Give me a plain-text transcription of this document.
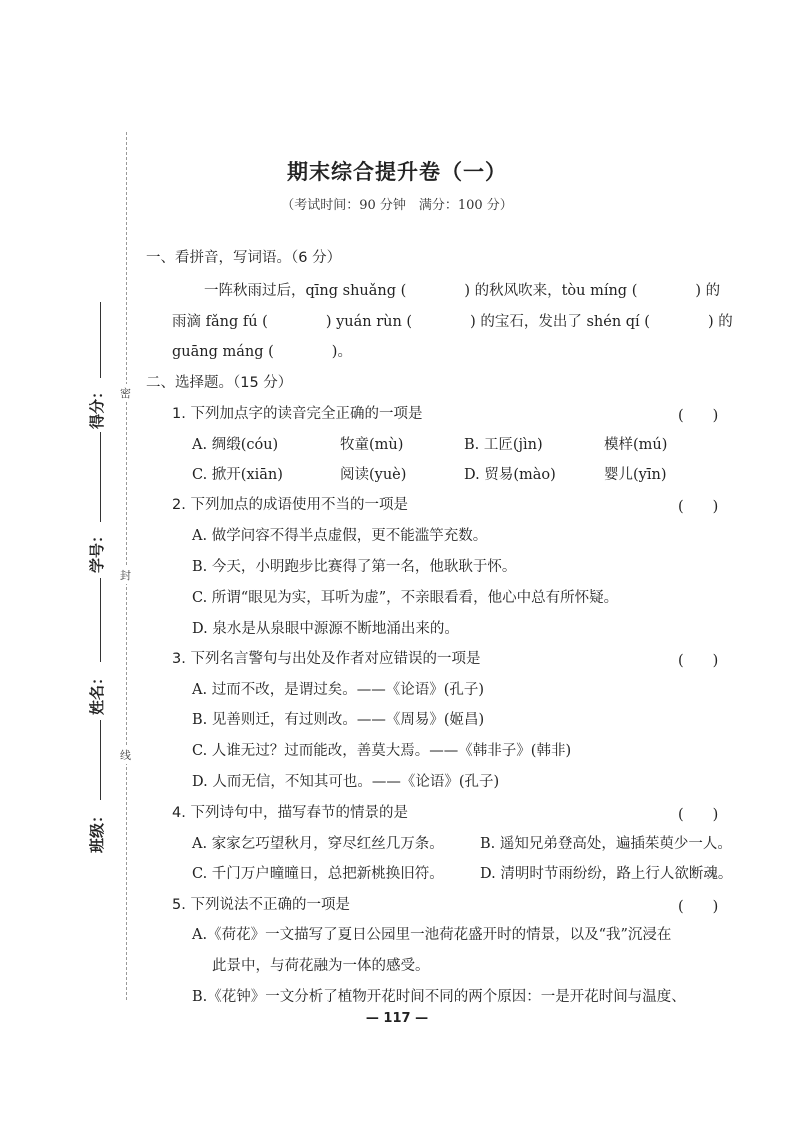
密
封
线
得分：
学号：
姓名：
班级：
期末综合提升卷（一）
（考试时间：90 分钟　满分：100 分）
一、看拼音，写词语。（6 分）
一阵秋雨过后，qīng shuǎng (	) 的秋风吹来，tòu míng (	) 的
雨滴 fǎng fú (	) yuán rùn (	) 的宝石，发出了 shén qí (	) 的
guāng máng (	)。
二、选择题。（15 分）
1. 下列加点字的读音完全正确的一项是	(　　)
A. 绸缎(cóu)	牧童(mù)	B. 工匠(jìn)	模样(mú)
C. 掀开(xiān)	阅读(yuè)	D. 贸易(mào)	婴儿(yīn)
2. 下列加点的成语使用不当的一项是	(　　)
A. 做学问容不得半点虚假，更不能滥竽充数。
B. 今天，小明跑步比赛得了第一名，他耿耿于怀。
C. 所谓“眼见为实，耳听为虚”，不亲眼看看，他心中总有所怀疑。
D. 泉水是从泉眼中源源不断地涌出来的。
3. 下列名言警句与出处及作者对应错误的一项是	(　　)
A. 过而不改，是谓过矣。——《论语》(孔子)
B. 见善则迁，有过则改。——《周易》(姬昌)
C. 人谁无过？过而能改，善莫大焉。——《韩非子》(韩非)
D. 人而无信，不知其可也。——《论语》(孔子)
4. 下列诗句中，描写春节的情景的是	(　　)
A. 家家乞巧望秋月，穿尽红丝几万条。	B. 遥知兄弟登高处，遍插茱萸少一人。
C. 千门万户曈曈日，总把新桃换旧符。 D. 清明时节雨纷纷，路上行人欲断魂。
5. 下列说法不正确的一项是	(　　)
A.《荷花》一文描写了夏日公园里一池荷花盛开时的情景，以及“我”沉浸在
此景中，与荷花融为一体的感受。
B.《花钟》一文分析了植物开花时间不同的两个原因：一是开花时间与温度、
— 117 —
